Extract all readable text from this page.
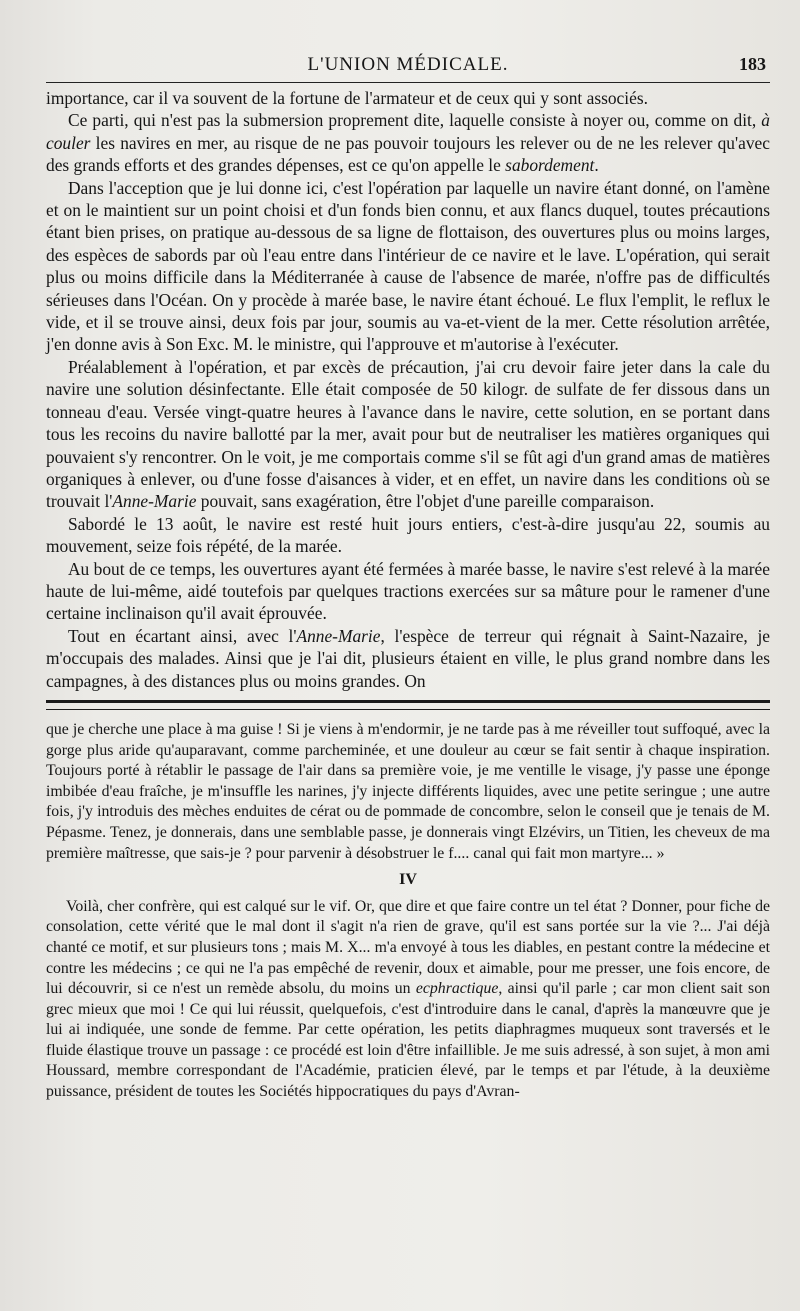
L'UNION MÉDICALE.	183

importance, car il va souvent de la fortune de l'armateur et de ceux qui y sont associés.

Ce parti, qui n'est pas la submersion proprement dite, laquelle consiste à noyer ou, comme on dit, à couler les navires en mer, au risque de ne pas pouvoir toujours les relever ou de ne les relever qu'avec des grands efforts et des grandes dépenses, est ce qu'on appelle le sabordement.

Dans l'acception que je lui donne ici, c'est l'opération par laquelle un navire étant donné, on l'amène et on le maintient sur un point choisi et d'un fonds bien connu, et aux flancs duquel, toutes précautions étant bien prises, on pratique au-dessous de sa ligne de flottaison, des ouvertures plus ou moins larges, des espèces de sabords par où l'eau entre dans l'intérieur de ce navire et le lave. L'opération, qui serait plus ou moins difficile dans la Méditerranée à cause de l'absence de marée, n'offre pas de difficultés sérieuses dans l'Océan. On y procède à marée base, le navire étant échoué. Le flux l'emplit, le reflux le vide, et il se trouve ainsi, deux fois par jour, soumis au va-et-vient de la mer. Cette résolution arrêtée, j'en donne avis à Son Exc. M. le ministre, qui l'approuve et m'autorise à l'exécuter.

Préalablement à l'opération, et par excès de précaution, j'ai cru devoir faire jeter dans la cale du navire une solution désinfectante. Elle était composée de 50 kilogr. de sulfate de fer dissous dans un tonneau d'eau. Versée vingt-quatre heures à l'avance dans le navire, cette solution, en se portant dans tous les recoins du navire ballotté par la mer, avait pour but de neutraliser les matières organiques qui pouvaient s'y rencontrer. On le voit, je me comportais comme s'il se fût agi d'un grand amas de matières organiques à enlever, ou d'une fosse d'aisances à vider, et en effet, un navire dans les conditions où se trouvait l'Anne-Marie pouvait, sans exagération, être l'objet d'une pareille comparaison.

Sabordé le 13 août, le navire est resté huit jours entiers, c'est-à-dire jusqu'au 22, soumis au mouvement, seize fois répété, de la marée.

Au bout de ce temps, les ouvertures ayant été fermées à marée basse, le navire s'est relevé à la marée haute de lui-même, aidé toutefois par quelques tractions exercées sur sa mâture pour le ramener d'une certaine inclinaison qu'il avait éprouvée.

Tout en écartant ainsi, avec l'Anne-Marie, l'espèce de terreur qui régnait à Saint-Nazaire, je m'occupais des malades. Ainsi que je l'ai dit, plusieurs étaient en ville, le plus grand nombre dans les campagnes, à des distances plus ou moins grandes. On

que je cherche une place à ma guise ! Si je viens à m'endormir, je ne tarde pas à me réveiller tout suffoqué, avec la gorge plus aride qu'auparavant, comme parcheminée, et une douleur au cœur se fait sentir à chaque inspiration. Toujours porté à rétablir le passage de l'air dans sa première voie, je me ventille le visage, j'y passe une éponge imbibée d'eau fraîche, je m'insuffle les narines, j'y injecte différents liquides, avec une petite seringue ; une autre fois, j'y introduis des mèches enduites de cérat ou de pommade de concombre, selon le conseil que je tenais de M. Pépasme. Tenez, je donnerais, dans une semblable passe, je donnerais vingt Elzévirs, un Titien, les cheveux de ma première maîtresse, que sais-je ? pour parvenir à désobstruer le f.... canal qui fait mon martyre... »

IV

Voilà, cher confrère, qui est calqué sur le vif. Or, que dire et que faire contre un tel état ? Donner, pour fiche de consolation, cette vérité que le mal dont il s'agit n'a rien de grave, qu'il est sans portée sur la vie ?... J'ai déjà chanté ce motif, et sur plusieurs tons ; mais M. X... m'a envoyé à tous les diables, en pestant contre la médecine et contre les médecins ; ce qui ne l'a pas empêché de revenir, doux et aimable, pour me presser, une fois encore, de lui découvrir, si ce n'est un remède absolu, du moins un ecphractique, ainsi qu'il parle ; car mon client sait son grec mieux que moi ! Ce qui lui réussit, quelquefois, c'est d'introduire dans le canal, d'après la manœuvre que je lui ai indiquée, une sonde de femme. Par cette opération, les petits diaphragmes muqueux sont traversés et le fluide élastique trouve un passage : ce procédé est loin d'être infaillible. Je me suis adressé, à son sujet, à mon ami Houssard, membre correspondant de l'Académie, praticien élevé, par le temps et par l'étude, à la deuxième puissance, président de toutes les Sociétés hippocratiques du pays d'Avran-
